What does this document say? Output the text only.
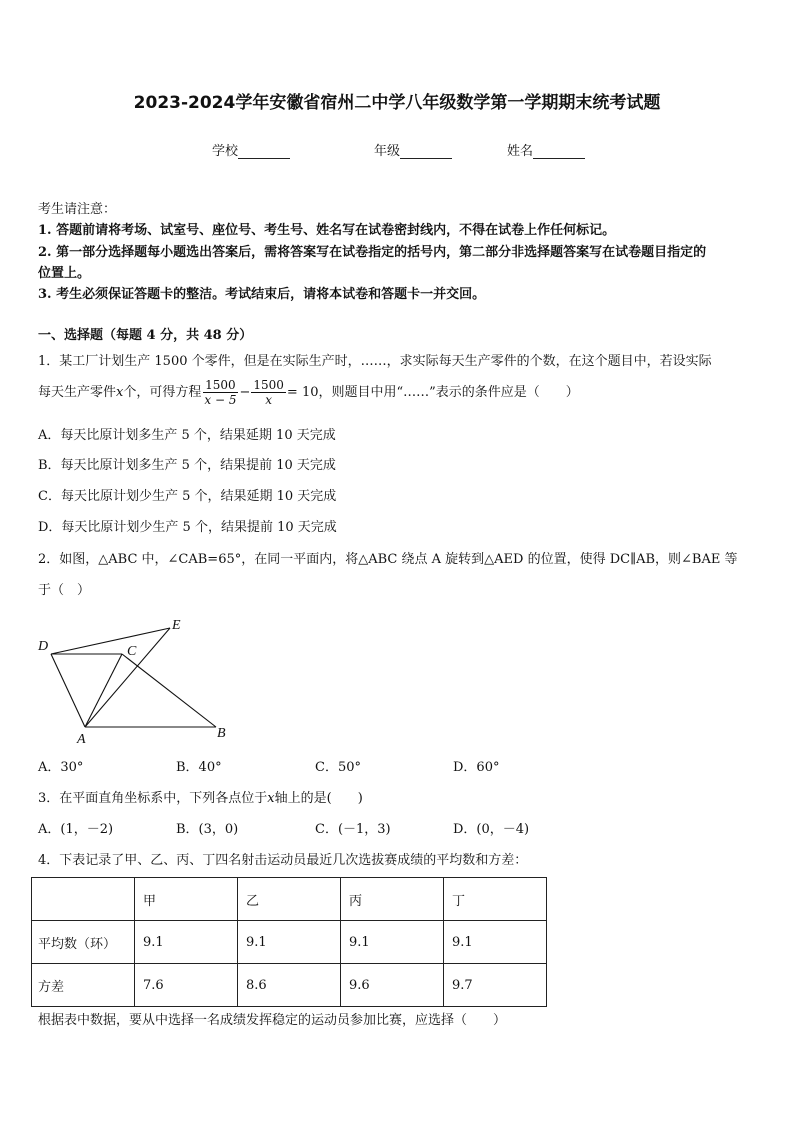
2023-2024学年安徽省宿州二中学八年级数学第一学期期末统考试题
学校	年级	姓名
考生请注意：
1. 答题前请将考场、试室号、座位号、考生号、姓名写在试卷密封线内，不得在试卷上作任何标记。
2. 第一部分选择题每小题选出答案后，需将答案写在试卷指定的括号内，第二部分非选择题答案写在试卷题目指定的
位置上。
3. 考生必须保证答题卡的整洁。考试结束后，请将本试卷和答题卡一并交回。
一、选择题（每题 4 分，共 48 分）
1．某工厂计划生产 1500 个零件，但是在实际生产时，……，求实际每天生产零件的个数，在这个题目中，若设实际
每天生产零件x个，可得方程 $\frac{1500}{x - 5} - \frac{1500}{x} = 10$，则题目中用“……”表示的条件应是（　　）
A．每天比原计划多生产 5 个，结果延期 10 天完成
B．每天比原计划多生产 5 个，结果提前 10 天完成
C．每天比原计划少生产 5 个，结果延期 10 天完成
D．每天比原计划少生产 5 个，结果提前 10 天完成
2．如图，△ABC 中，∠CAB=65°，在同一平面内，将△ABC 绕点 A 旋转到△AED 的位置，使得 DC∥AB，则∠BAE 等
于（　）
D	C
E
A	B
A．30°	B．40°	C．50°	D．60°
3．在平面直角坐标系中，下列各点位于x轴上的是(　　)
A．(1，－2)	B．(3，0)	C．(－1，3)	D．(0，－4)
4．下表记录了甲、乙、丙、丁四名射击运动员最近几次选拔赛成绩的平均数和方差：
	甲	乙	丙	丁
平均数（环）	9.1	9.1	9.1	9.1
方差	7.6	8.6	9.6	9.7
根据表中数据，要从中选择一名成绩发挥稳定的运动员参加比赛，应选择（　　）
